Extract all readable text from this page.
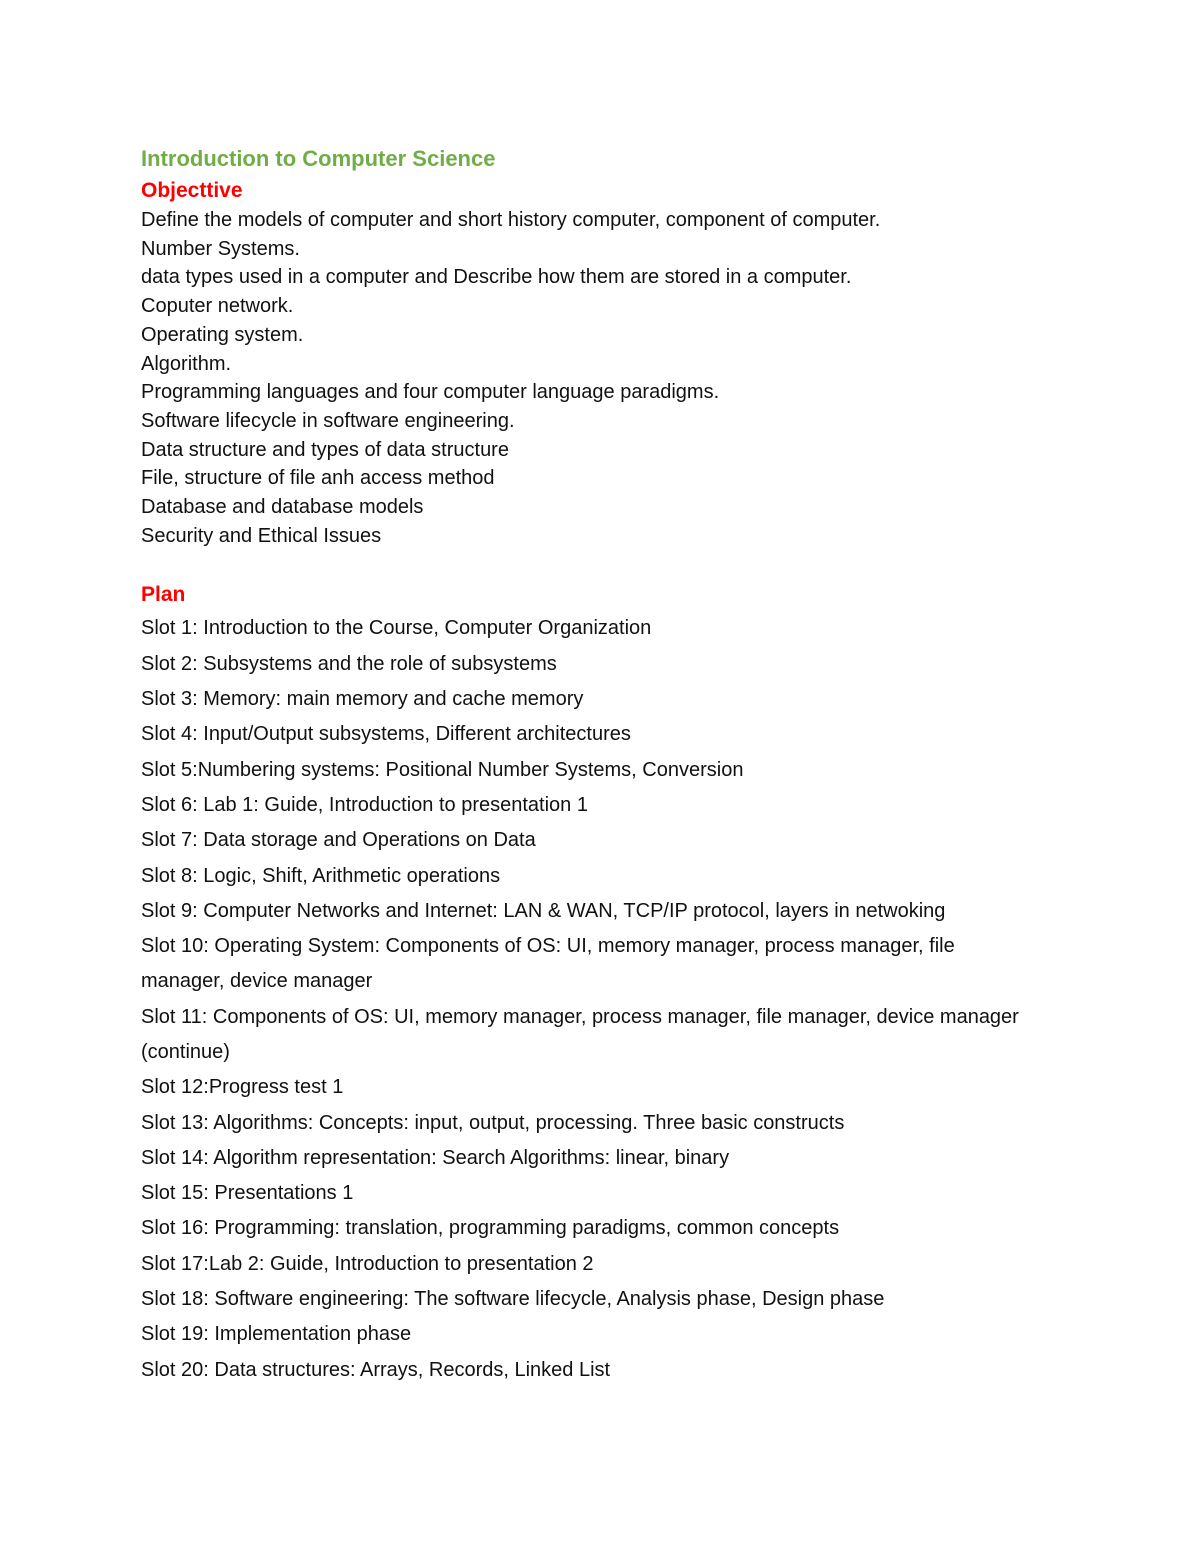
Introduction to Computer Science
Objecttive
Define the models of computer and short history computer, component of computer.
Number Systems.
data types used in a computer and Describe how them are stored in a computer.
Coputer network.
Operating system.
Algorithm.
Programming languages and four computer language paradigms.
Software lifecycle in software engineering.
Data structure and types of data structure
File, structure of file anh access method
Database and database models
Security and Ethical Issues
Plan
Slot 1: Introduction to the Course, Computer Organization
Slot 2: Subsystems and the role of subsystems
Slot 3: Memory: main memory and cache memory
Slot 4: Input/Output subsystems, Different architectures
Slot 5:Numbering systems: Positional Number Systems, Conversion
Slot 6: Lab 1: Guide, Introduction to presentation 1
Slot 7: Data storage and Operations on Data
Slot 8: Logic, Shift, Arithmetic operations
Slot 9: Computer Networks and Internet: LAN & WAN, TCP/IP protocol, layers in netwoking
Slot 10: Operating System: Components of OS: UI, memory manager, process manager, file manager, device manager
Slot 11: Components of OS: UI, memory manager, process manager, file manager, device manager (continue)
Slot 12:Progress test 1
Slot 13: Algorithms: Concepts: input, output, processing. Three basic constructs
Slot 14: Algorithm representation: Search Algorithms: linear, binary
Slot 15: Presentations 1
Slot 16: Programming: translation, programming paradigms, common concepts
Slot 17:Lab 2: Guide, Introduction to presentation 2
Slot 18: Software engineering: The software lifecycle, Analysis phase, Design phase
Slot 19: Implementation phase
Slot 20: Data structures: Arrays, Records, Linked List
